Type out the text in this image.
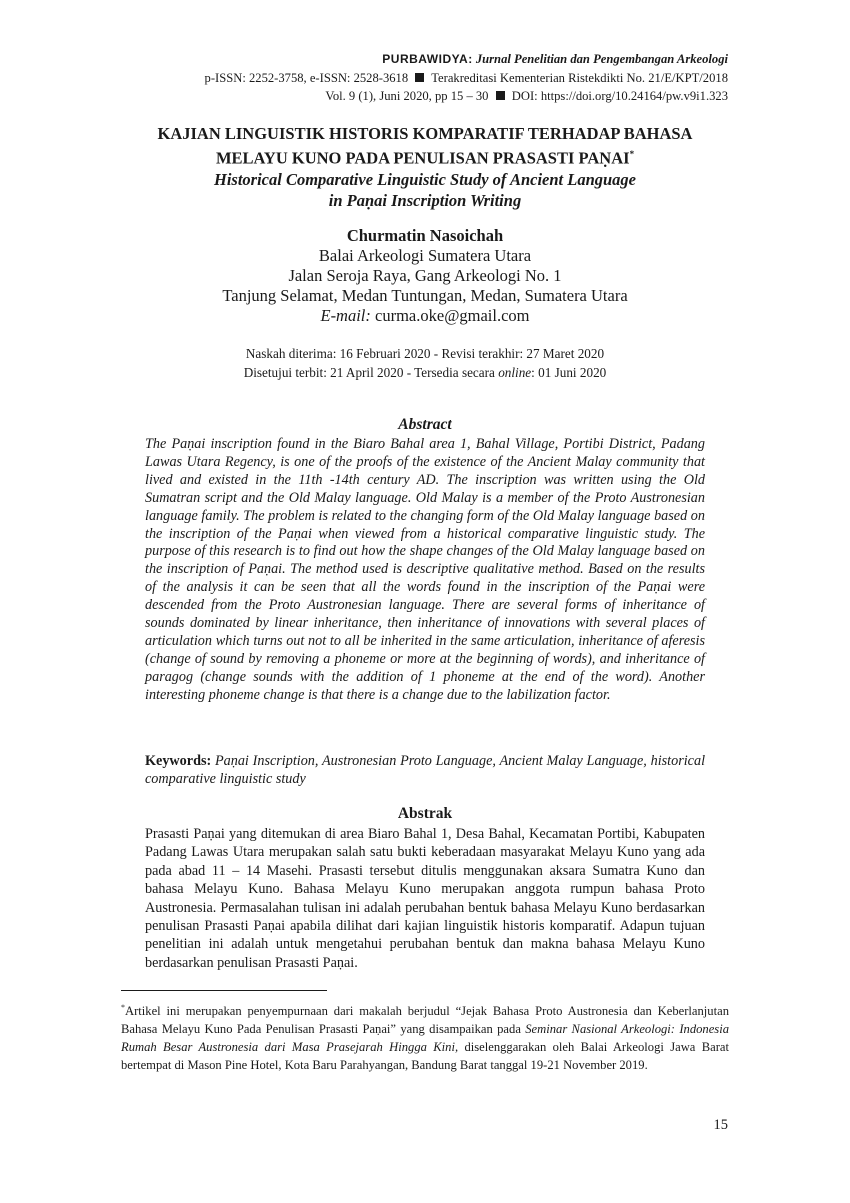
PURBAWIDYA: Jurnal Penelitian dan Pengembangan Arkeologi
p-ISSN: 2252-3758, e-ISSN: 2528-3618 Terakreditasi Kementerian Ristekdikti No. 21/E/KPT/2018
Vol. 9 (1), Juni 2020, pp 15 – 30 DOI: https://doi.org/10.24164/pw.v9i1.323
KAJIAN LINGUISTIK HISTORIS KOMPARATIF TERHADAP BAHASA
MELAYU KUNO PADA PENULISAN PRASASTI PAṆAI*
Historical Comparative Linguistic Study of Ancient Language
in Paṇai Inscription Writing
Churmatin Nasoichah
Balai Arkeologi Sumatera Utara
Jalan Seroja Raya, Gang Arkeologi No. 1
Tanjung Selamat, Medan Tuntungan, Medan, Sumatera Utara
E-mail: curma.oke@gmail.com
Naskah diterima: 16 Februari 2020 - Revisi terakhir: 27 Maret 2020
Disetujui terbit: 21 April 2020 - Tersedia secara online: 01 Juni 2020
Abstract
The Paṇai inscription found in the Biaro Bahal area 1, Bahal Village, Portibi District, Padang Lawas Utara Regency, is one of the proofs of the existence of the Ancient Malay community that lived and existed in the 11th -14th century AD. The inscription was written using the Old Sumatran script and the Old Malay language. Old Malay is a member of the Proto Austronesian language family. The problem is related to the changing form of the Old Malay language based on the inscription of the Paṇai when viewed from a historical comparative linguistic study. The purpose of this research is to find out how the shape changes of the Old Malay language based on the inscription of Paṇai. The method used is descriptive qualitative method. Based on the results of the analysis it can be seen that all the words found in the inscription of the Paṇai were descended from the Proto Austronesian language. There are several forms of inheritance of sounds dominated by linear inheritance, then inheritance of innovations with several places of articulation which turns out not to all be inherited in the same articulation, inheritance of aferesis (change of sound by removing a phoneme or more at the beginning of words), and inheritance of paragog (change sounds with the addition of 1 phoneme at the end of the word). Another interesting phoneme change is that there is a change due to the labilization factor.
Keywords: Paṇai Inscription, Austronesian Proto Language, Ancient Malay Language, historical comparative linguistic study
Abstrak
Prasasti Paṇai yang ditemukan di area Biaro Bahal 1, Desa Bahal, Kecamatan Portibi, Kabupaten Padang Lawas Utara merupakan salah satu bukti keberadaan masyarakat Melayu Kuno yang ada pada abad 11 – 14 Masehi. Prasasti tersebut ditulis menggunakan aksara Sumatra Kuno dan bahasa Melayu Kuno. Bahasa Melayu Kuno merupakan anggota rumpun bahasa Proto Austronesia. Permasalahan tulisan ini adalah perubahan bentuk bahasa Melayu Kuno berdasarkan penulisan Prasasti Paṇai apabila dilihat dari kajian linguistik historis komparatif. Adapun tujuan penelitian ini adalah untuk mengetahui perubahan bentuk dan makna bahasa Melayu Kuno berdasarkan penulisan Prasasti Paṇai.
*Artikel ini merupakan penyempurnaan dari makalah berjudul “Jejak Bahasa Proto Austronesia dan Keberlanjutan Bahasa Melayu Kuno Pada Penulisan Prasasti Paṇai” yang disampaikan pada Seminar Nasional Arkeologi: Indonesia Rumah Besar Austronesia dari Masa Prasejarah Hingga Kini, diselenggarakan oleh Balai Arkeologi Jawa Barat bertempat di Mason Pine Hotel, Kota Baru Parahyangan, Bandung Barat tanggal 19-21 November 2019.
15
